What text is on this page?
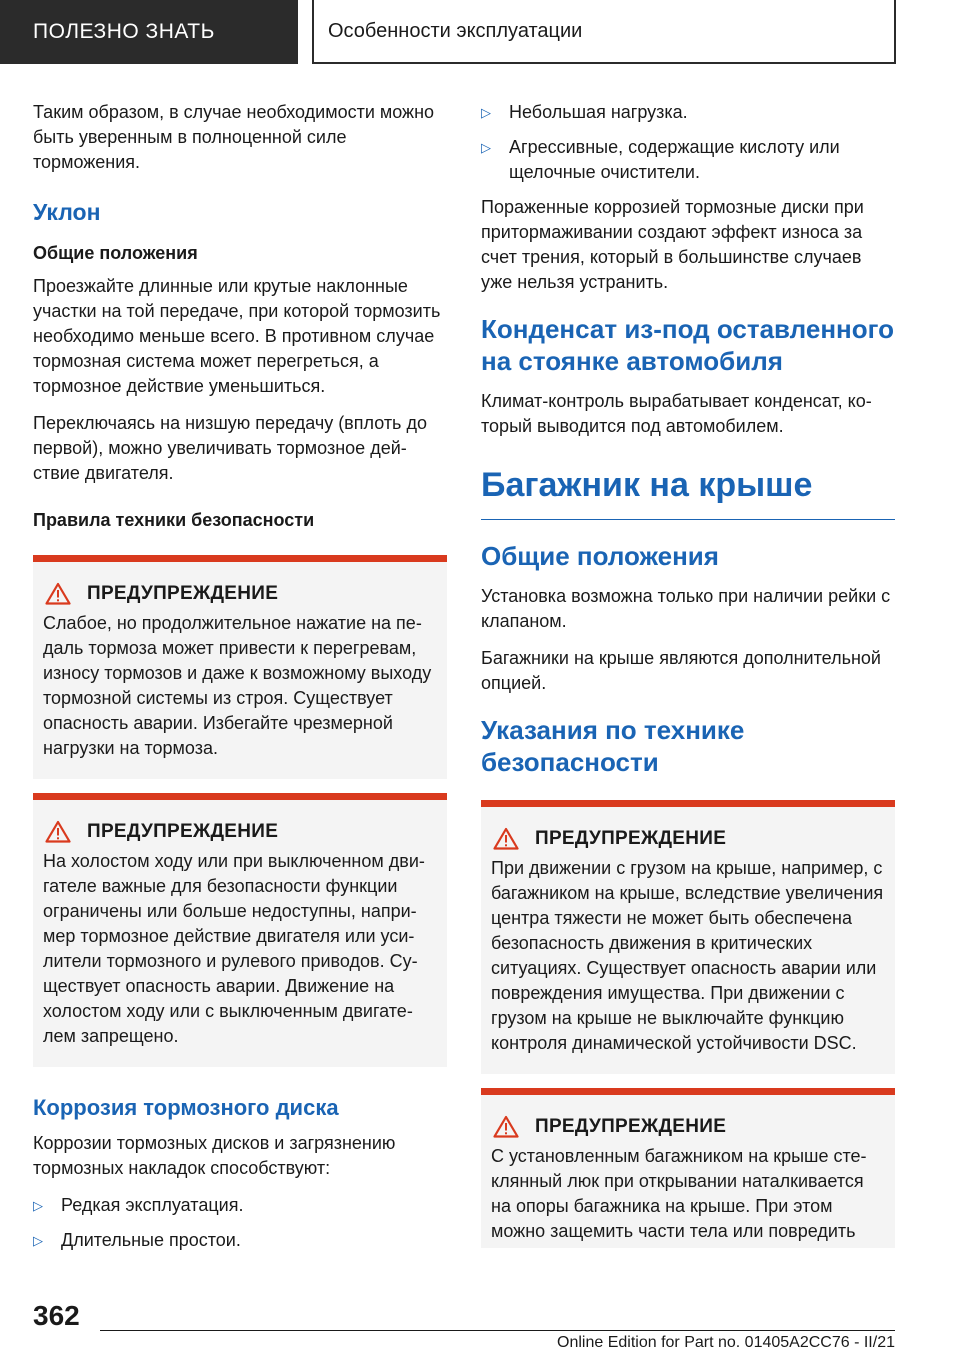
ПОЛЕЗНО ЗНАТЬ	Особенности эксплуатации

Таким образом, в случае необходимости можно быть уверенным в полноценной силе торможения.

Уклон
Общие положения

Проезжайте длинные или крутые наклонные участки на той передаче, при которой тормозить необходимо меньше всего. В противном случае тормозная система может перегреться, а тормозное действие уменьшиться.

Переключаясь на низшую передачу (вплоть до первой), можно увеличивать тормозное действие двигателя.

Правила техники безопасности
ПРЕДУПРЕЖДЕНИЕ

Слабое, но продолжительное нажатие на педаль тормоза может привести к перегревам, износу тормозов и даже к возможному выходу тормозной системы из строя. Существует опасность аварии. Избегайте чрезмерной нагрузки на тормоза.

ПРЕДУПРЕЖДЕНИЕ

На холостом ходу или при выключенном двигателе важные для безопасности функции ограничены или больше недоступны, например тормозное действие двигателя или усилители тормозного и рулевого приводов. Существует опасность аварии. Движение на холостом ходу или с выключенным двигателем запрещено.

Коррозия тормозного диска

Коррозии тормозных дисков и загрязнению тормозных накладок способствуют:

▷	Редкая эксплуатация.
▷	Длительные простои.
▷	Небольшая нагрузка.
▷	Агрессивные, содержащие кислоту или щелочные очистители.

Пораженные коррозией тормозные диски при притормаживании создают эффект износа за счет трения, который в большинстве случаев уже нельзя устранить.

Конденсат из-под оставленного на стоянке автомобиля

Климат-контроль вырабатывает конденсат, который выводится под автомобилем.

Багажник на крыше
Общие положения

Установка возможна только при наличии рейки с клапаном.

Багажники на крыше являются дополнительной опцией.

Указания по технике безопасности
ПРЕДУПРЕЖДЕНИЕ

При движении с грузом на крыше, например, с багажником на крыше, вследствие увеличения центра тяжести не может быть обеспечена безопасность движения в критических ситуациях. Существует опасность аварии или повреждения имущества. При движении с грузом на крыше не выключайте функцию контроля динамической устойчивости DSC.

ПРЕДУПРЕЖДЕНИЕ

С установленным багажником на крыше стеклянный люк при открывании наталкивается на опоры багажника на крыше. При этом можно защемить части тела или повредить

362
Online Edition for Part no. 01405A2CC76 - II/21
